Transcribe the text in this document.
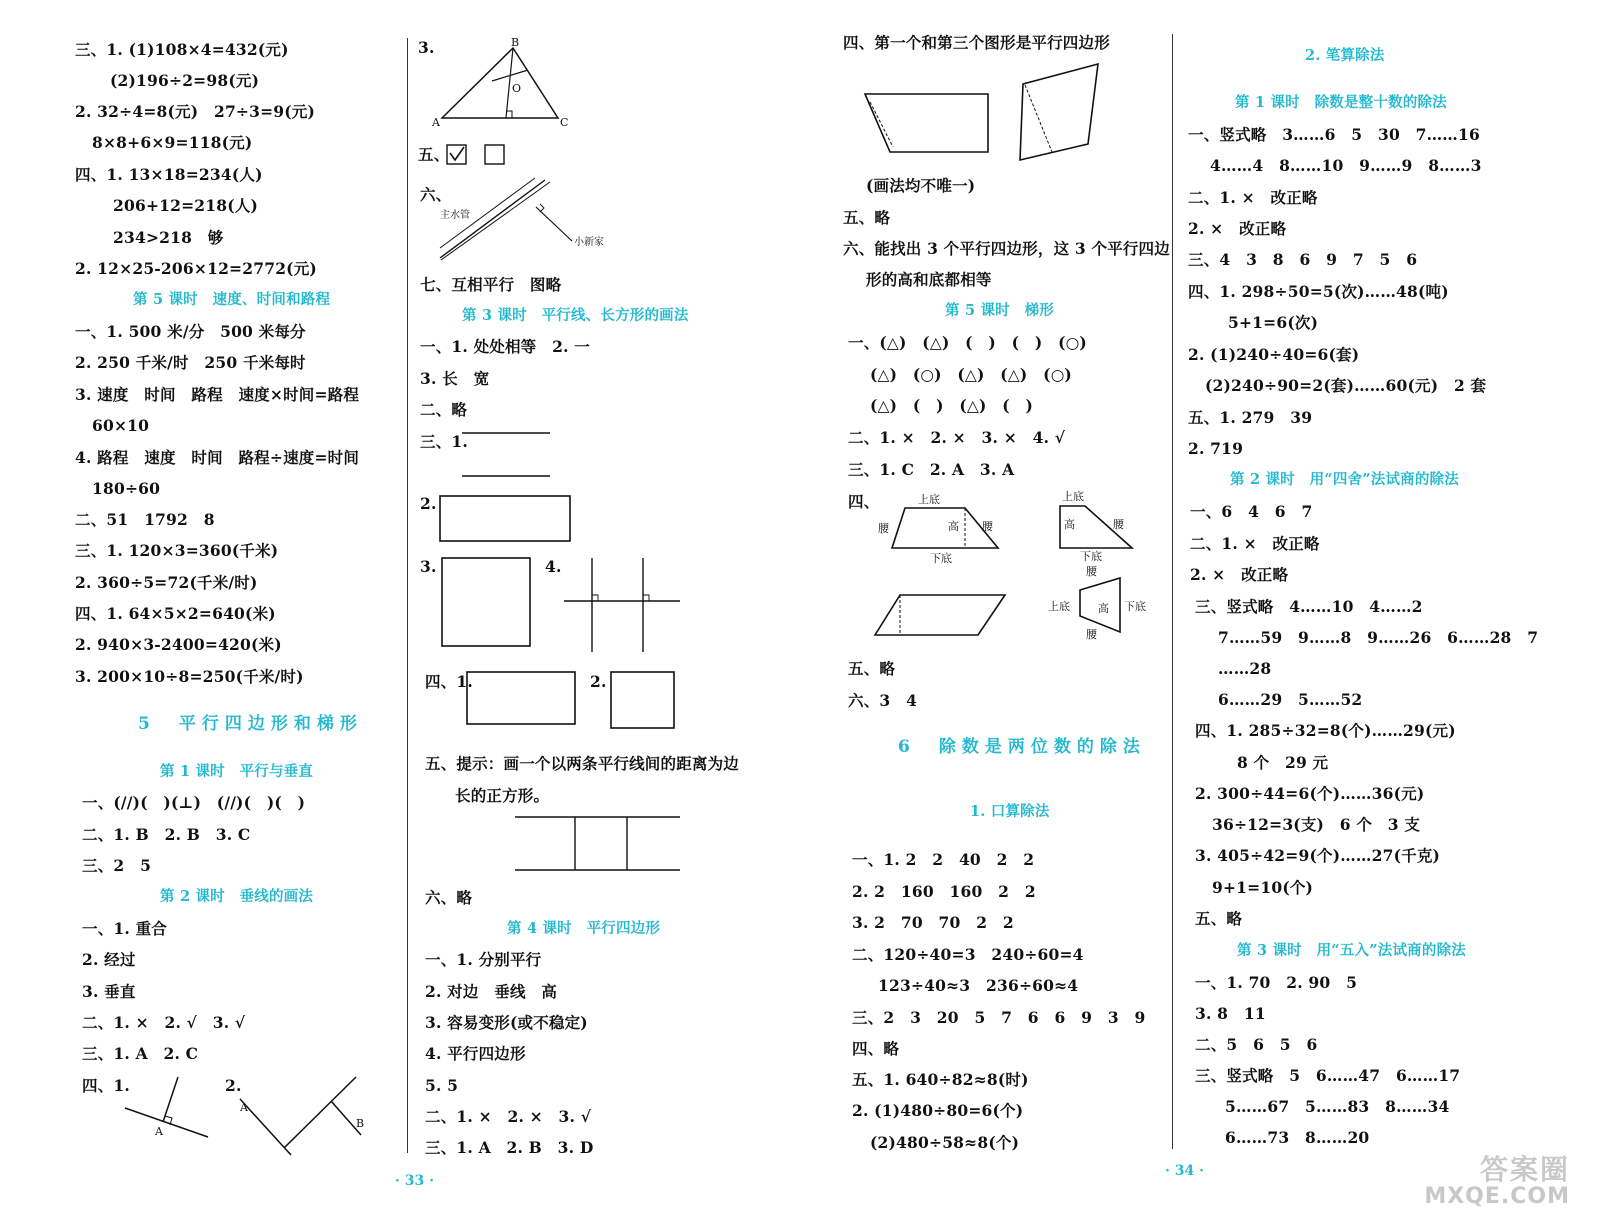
三、1. (1)108×4=432(元)
(2)196÷2=98(元)
2. 32÷4=8(元)　27÷3=9(元)
8×8+6×9=118(元)
四、1. 13×18=234(人)
206+12=218(人)
234>218　够
2. 12×25-206×12=2772(元)
第 5 课时　速度、时间和路程
一、1. 500 米/分　500 米每分
2. 250 千米/时　250 千米每时
3. 速度　时间　路程　速度×时间=路程
60×10
4. 路程　速度　时间　路程÷速度=时间
180÷60
二、51　1792　8
三、1. 120×3=360(千米)
2. 360÷5=72(千米/时)
四、1. 64×5×2=640(米)
2. 940×3-2400=420(米)
3. 200×10÷8=250(千米/时)
5　平行四边形和梯形
第 1 课时　平行与垂直
一、(//)(　)(⊥)　(//)(　)(　)
二、1. B　2. B　3. C
三、2　5
第 2 课时　垂线的画法
一、1. 重合
2. 经过
3. 垂直
二、1. ×　2. √　3. √
三、1. A　2. C
四、1.	2.
A
A
B
3.
五、
六、
七、互相平行　图略
第 3 课时　平行线、长方形的画法
一、1. 处处相等　2. 一
3. 长　宽
二、略
三、1.
2.
3.	4.
四、1.	2.
五、提示：画一个以两条平行线间的距离为边
长的正方形。
六、略
第 4 课时　平行四边形
一、1. 分别平行
2. 对边　垂线　高
3. 容易变形(或不稳定)
4. 平行四边形
5. 5
二、1. ×　2. ×　3. √
三、1. A　2. B　3. D
B
O
A	C
主水管
小新家
四、第一个和第三个图形是平行四边形
(画法均不唯一)
五、略
六、能找出 3 个平行四边形，这 3 个平行四边
形的高和底都相等
第 5 课时　梯形
一、(△)　(△)　(　)　(　)　(○)
(△)　(○)　(△)　(△)　(○)
(△)　(　)　(△)　(　)
二、1. ×　2. ×　3. ×　4. √
三、1. C　2. A　3. A
四、
五、略
六、3　4
6　除数是两位数的除法
1. 口算除法
一、1. 2　2　40　2　2
2. 2　160　160　2　2
3. 2　70　70　2　2
二、120÷40=3　240÷60=4
123÷40≈3　236÷60≈4
三、2　3　20　5　7　6　6　9　3　9
四、略
五、1. 640÷82≈8(时)
2. (1)480÷80=6(个)
(2)480÷58≈8(个)
上底
腰	高 腰
下底
上底
高	腰
下底
腰
上底	高 下底
腰
2. 笔算除法
第 1 课时　除数是整十数的除法
一、竖式略　3……6　5　30　7……16
4……4　8……10　9……9　8……3
二、1. ×　改正略
2. ×　改正略
三、4　3　8　6　9　7　5　6
四、1. 298÷50=5(次)……48(吨)
5+1=6(次)
2. (1)240÷40=6(套)
(2)240÷90=2(套)……60(元)　2 套
五、1. 279　39
2. 719
第 2 课时　用“四舍”法试商的除法
一、6　4　6　7
二、1. ×　改正略
2. ×　改正略
三、竖式略　4……10　4……2
7……59　9……8　9……26　6……28　7
……28
6……29　5……52
四、1. 285÷32=8(个)……29(元)
8 个　29 元
2. 300÷44=6(个)……36(元)
36÷12=3(支)　6 个　3 支
3. 405÷42=9(个)……27(千克)
9+1=10(个)
五、略
第 3 课时　用“五入”法试商的除法
一、1. 70　2. 90　5
3. 8　11
二、5　6　5　6
三、竖式略　5　6……47　6……17
5……67　5……83　8……34
6……73　8……20
· 33 ·
· 34 ·	答案圈
MXQE.COM
